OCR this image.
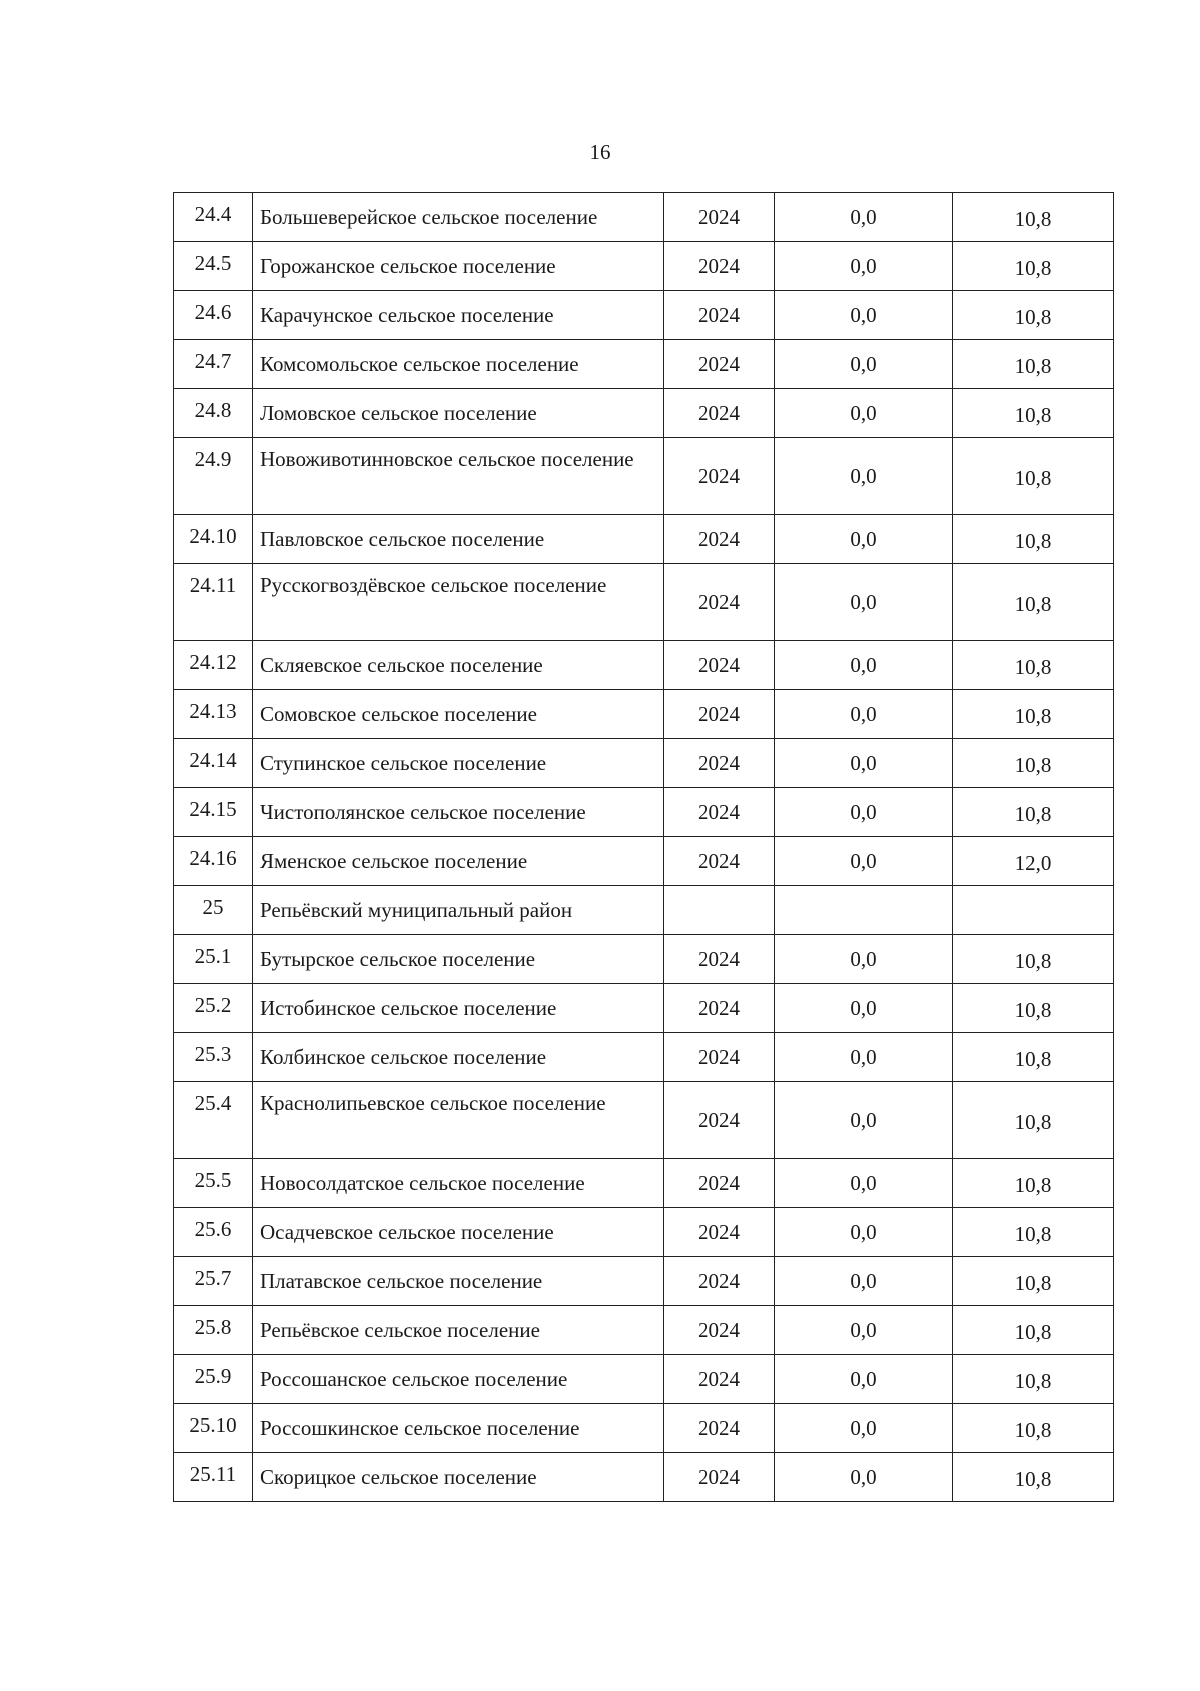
16
24.4	Большеверейское сельское поселение	2024	0,0	10,8
24.5	Горожанское сельское поселение	2024	0,0	10,8
24.6	Карачунское сельское поселение	2024	0,0	10,8
24.7	Комсомольское сельское поселение	2024	0,0	10,8
24.8	Ломовское сельское поселение	2024	0,0	10,8
24.9	Новоживотинновское сельское поселение	2024	0,0	10,8
24.10	Павловское сельское поселение	2024	0,0	10,8
24.11	Русскогвоздёвское сельское поселение	2024	0,0	10,8
24.12	Скляевское сельское поселение	2024	0,0	10,8
24.13	Сомовское сельское поселение	2024	0,0	10,8
24.14	Ступинское сельское поселение	2024	0,0	10,8
24.15	Чистополянское сельское поселение	2024	0,0	10,8
24.16	Яменское сельское поселение	2024	0,0	12,0
25	Репьёвский муниципальный район			
25.1	Бутырское сельское поселение	2024	0,0	10,8
25.2	Истобинское сельское поселение	2024	0,0	10,8
25.3	Колбинское сельское поселение	2024	0,0	10,8
25.4	Краснолипьевское сельское поселение	2024	0,0	10,8
25.5	Новосолдатское сельское поселение	2024	0,0	10,8
25.6	Осадчевское сельское поселение	2024	0,0	10,8
25.7	Платавское сельское поселение	2024	0,0	10,8
25.8	Репьёвское сельское поселение	2024	0,0	10,8
25.9	Россошанское сельское поселение	2024	0,0	10,8
25.10	Россошкинское сельское поселение	2024	0,0	10,8
25.11	Скорицкое сельское поселение	2024	0,0	10,8
